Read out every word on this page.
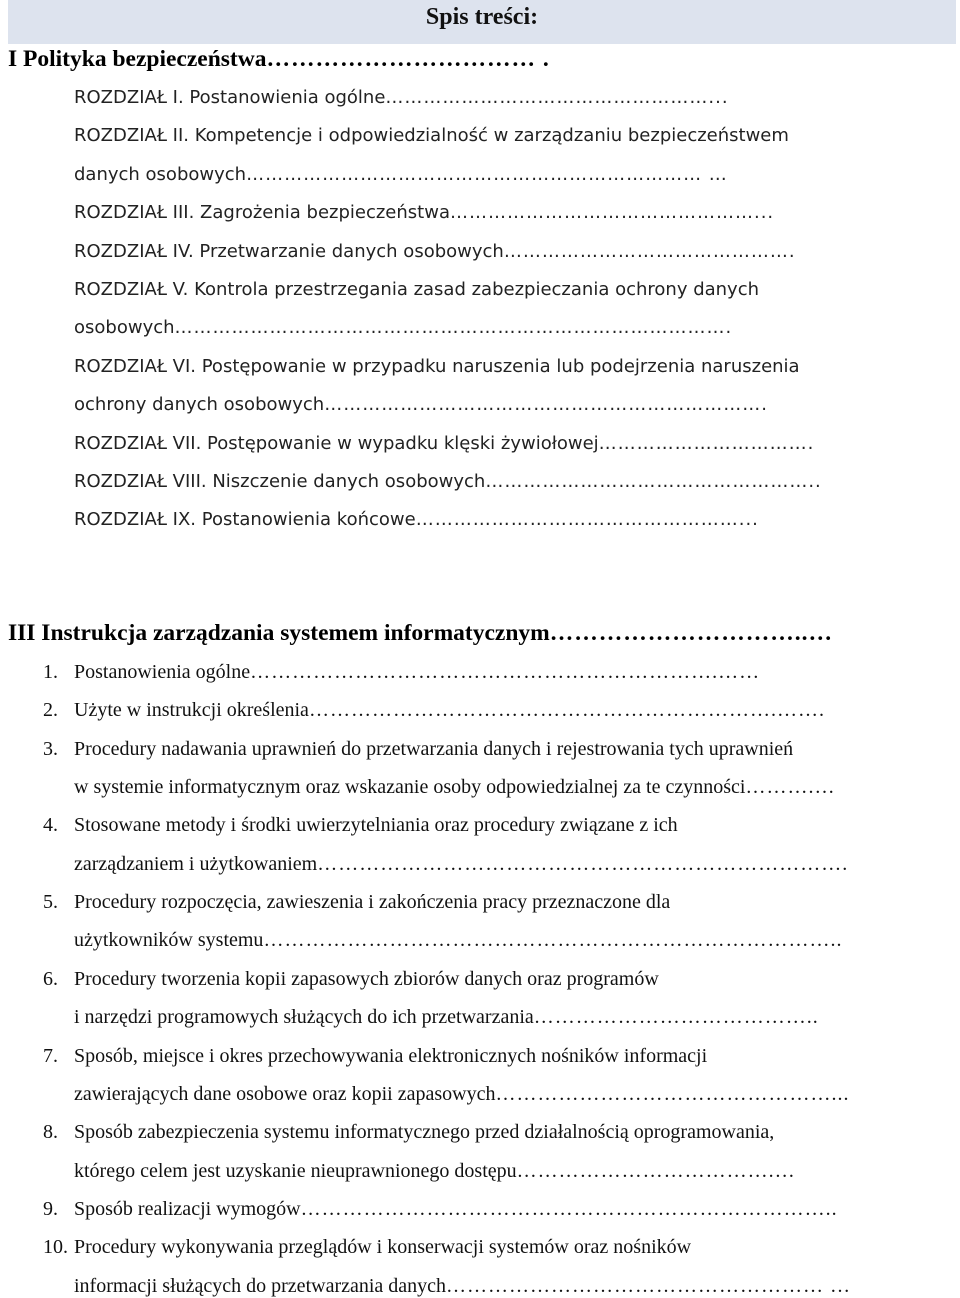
Spis treści:
I Polityka bezpieczeństwa…………………………… .
ROZDZIAŁ I. Postanowienia ogólne……………………………………………...
ROZDZIAŁ II. Kompetencje i odpowiedzialność w zarządzaniu bezpieczeństwem
danych osobowych……………………………………………………………… …
ROZDZIAŁ III. Zagrożenia bezpieczeństwa…………………………………………...
ROZDZIAŁ IV. Przetwarzanie danych osobowych……………………………………….
ROZDZIAŁ V. Kontrola przestrzegania zasad zabezpieczania ochrony danych
osobowych…………………………………………………………………………….
ROZDZIAŁ VI. Postępowanie w przypadku naruszenia lub podejrzenia naruszenia
ochrony danych osobowych…………………………………………………………….
ROZDZIAŁ VII. Postępowanie w wypadku klęski żywiołowej…………………………….
ROZDZIAŁ VIII. Niszczenie danych osobowych……………………………………………..
ROZDZIAŁ IX. Postanowienia końcowe……………………………………………...
III Instrukcja zarządzania systemem informatycznym…………………………..…
1. Postanowienia ogólne………………………………………………………….……
2. Użyte w instrukcji określenia………………………………………………………….…….
3. Procedury nadawania uprawnień do przetwarzania danych i rejestrowania tych uprawnień
w systemie informatycznym oraz wskazanie osoby odpowiedzialnej za te czynności……….…
4. Stosowane metody i środki uwierzytelniania oraz procedury związane z ich
zarządzaniem i użytkowaniem………………………………………………………………….
5. Procedury rozpoczęcia, zawieszenia i zakończenia pracy przeznaczone dla
użytkowników systemu………………………………………………………………………..
6. Procedury tworzenia kopii zapasowych zbiorów danych oraz programów
i narzędzi programowych służących do ich przetwarzania…………………………………..
7. Sposób, miejsce i okres przechowywania elektronicznych nośników informacji
zawierających dane osobowe oraz kopii zapasowych…………………………………………...
8. Sposób zabezpieczenia systemu informatycznego przed działalnością oprogramowania,
którego celem jest uzyskanie nieuprawnionego dostępu……………………………….…
9. Sposób realizacji wymogów…………………………………………………………………..
10. Procedury wykonywania przeglądów i konserwacji systemów oraz nośników
informacji służących do przetwarzania danych……………………………………………… …
